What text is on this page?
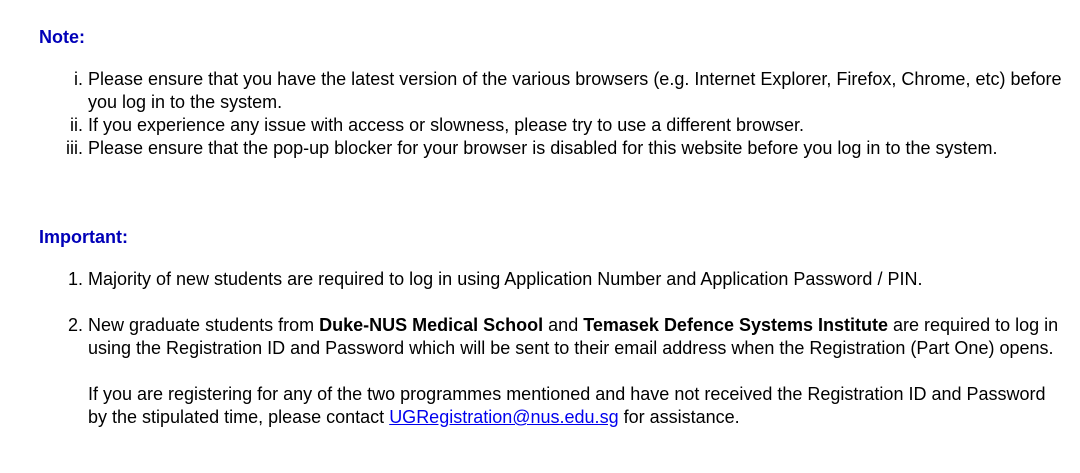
Note:
i. Please ensure that you have the latest version of the various browsers (e.g. Internet Explorer, Firefox, Chrome, etc) before you log in to the system.
ii. If you experience any issue with access or slowness, please try to use a different browser.
iii. Please ensure that the pop-up blocker for your browser is disabled for this website before you log in to the system.
Important:
1. Majority of new students are required to log in using Application Number and Application Password / PIN.
2. New graduate students from Duke-NUS Medical School and Temasek Defence Systems Institute are required to log in using the Registration ID and Password which will be sent to their email address when the Registration (Part One) opens.
If you are registering for any of the two programmes mentioned and have not received the Registration ID and Password by the stipulated time, please contact UGRegistration@nus.edu.sg for assistance.
